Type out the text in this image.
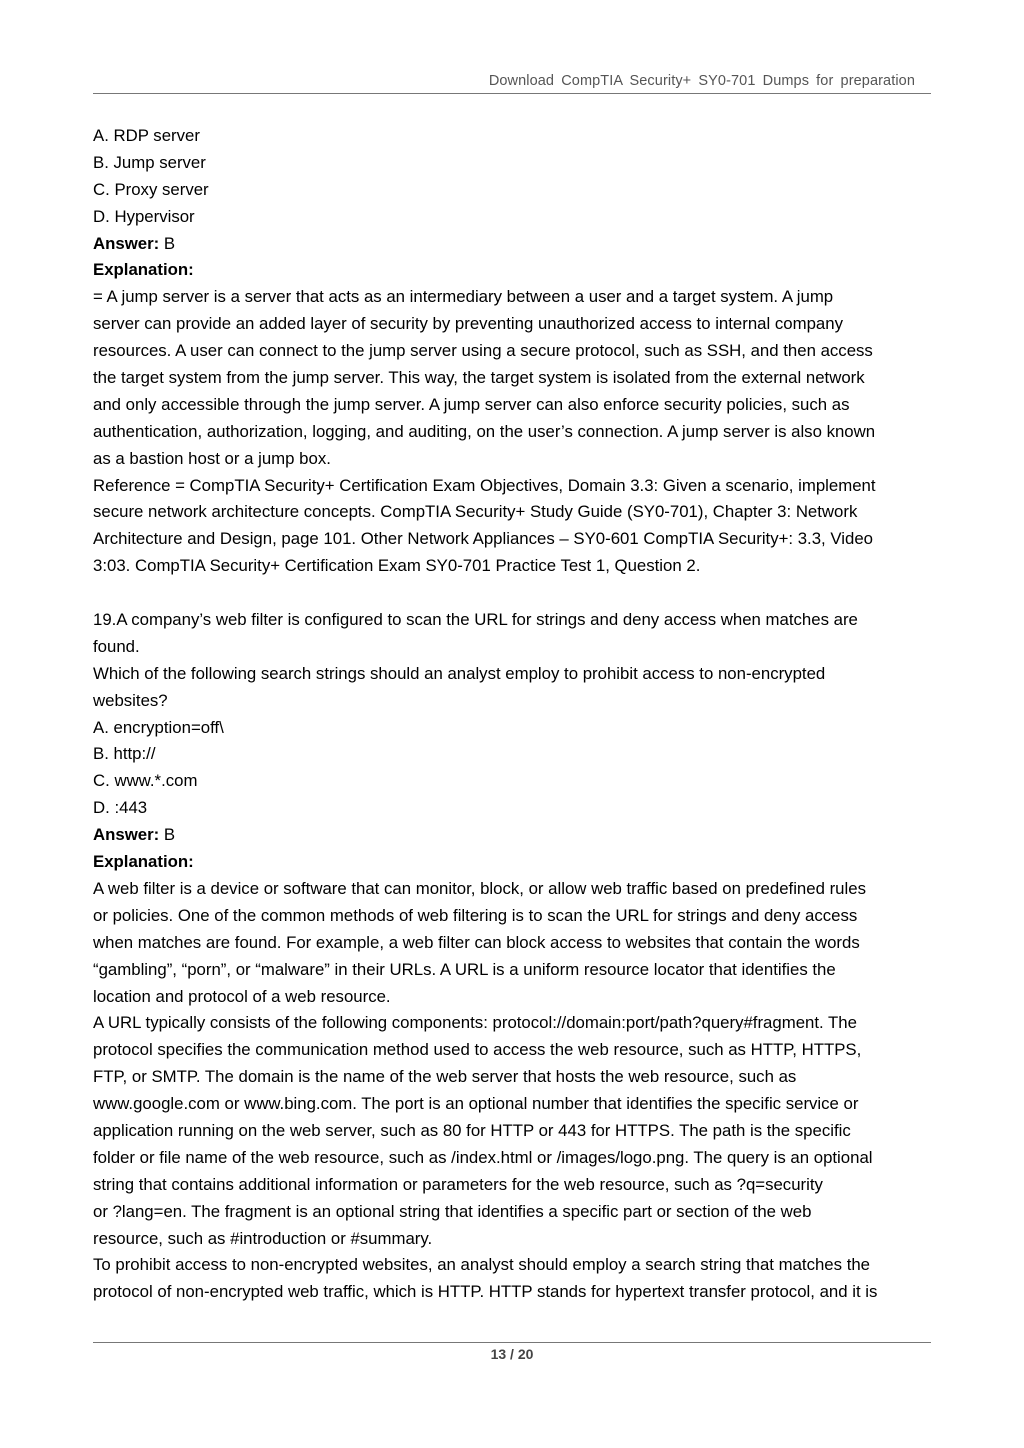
Download CompTIA Security+ SY0-701 Dumps for preparation
A. RDP server
B. Jump server
C. Proxy server
D. Hypervisor
Answer: B
Explanation:
= A jump server is a server that acts as an intermediary between a user and a target system. A jump
server can provide an added layer of security by preventing unauthorized access to internal company
resources. A user can connect to the jump server using a secure protocol, such as SSH, and then access
the target system from the jump server. This way, the target system is isolated from the external network
and only accessible through the jump server. A jump server can also enforce security policies, such as
authentication, authorization, logging, and auditing, on the user’s connection. A jump server is also known
as a bastion host or a jump box.
Reference = CompTIA Security+ Certification Exam Objectives, Domain 3.3: Given a scenario, implement
secure network architecture concepts. CompTIA Security+ Study Guide (SY0-701), Chapter 3: Network
Architecture and Design, page 101. Other Network Appliances – SY0-601 CompTIA Security+: 3.3, Video
3:03. CompTIA Security+ Certification Exam SY0-701 Practice Test 1, Question 2.
19.A company’s web filter is configured to scan the URL for strings and deny access when matches are
found.
Which of the following search strings should an analyst employ to prohibit access to non-encrypted
websites?
A. encryption=off\
B. http://
C. www.*.com
D. :443
Answer: B
Explanation:
A web filter is a device or software that can monitor, block, or allow web traffic based on predefined rules
or policies. One of the common methods of web filtering is to scan the URL for strings and deny access
when matches are found. For example, a web filter can block access to websites that contain the words
“gambling”, “porn”, or “malware” in their URLs. A URL is a uniform resource locator that identifies the
location and protocol of a web resource.
A URL typically consists of the following components: protocol://domain:port/path?query#fragment. The
protocol specifies the communication method used to access the web resource, such as HTTP, HTTPS,
FTP, or SMTP. The domain is the name of the web server that hosts the web resource, such as
www.google.com or www.bing.com. The port is an optional number that identifies the specific service or
application running on the web server, such as 80 for HTTP or 443 for HTTPS. The path is the specific
folder or file name of the web resource, such as /index.html or /images/logo.png. The query is an optional
string that contains additional information or parameters for the web resource, such as ?q=security
or ?lang=en. The fragment is an optional string that identifies a specific part or section of the web
resource, such as #introduction or #summary.
To prohibit access to non-encrypted websites, an analyst should employ a search string that matches the
protocol of non-encrypted web traffic, which is HTTP. HTTP stands for hypertext transfer protocol, and it is
13 / 20
